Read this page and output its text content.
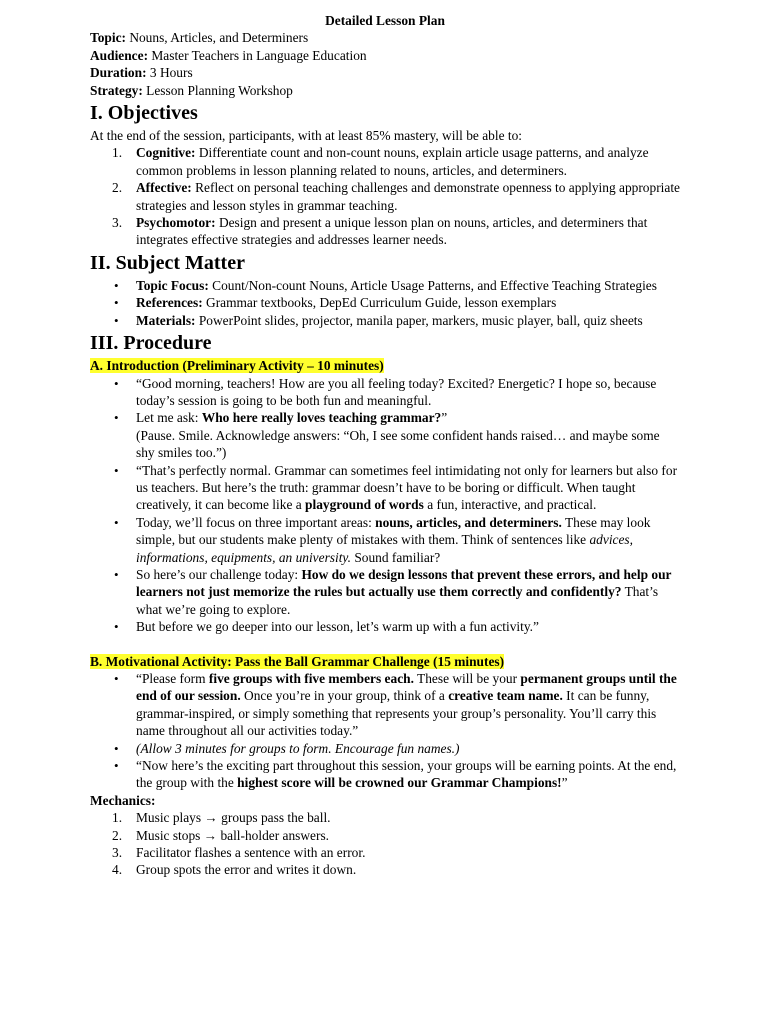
Detailed Lesson Plan

Topic: Nouns, Articles, and Determiners

Audience: Master Teachers in Language Education

Duration: 3 Hours

Strategy: Lesson Planning Workshop

I. Objectives

At the end of the session, participants, with at least 85% mastery, will be able to:

1. Cognitive: Differentiate count and non-count nouns, explain article usage patterns, and analyze common problems in lesson planning related to nouns, articles, and determiners.
2. Affective: Reflect on personal teaching challenges and demonstrate openness to applying appropriate strategies and lesson styles in grammar teaching.
3. Psychomotor: Design and present a unique lesson plan on nouns, articles, and determiners that integrates effective strategies and addresses learner needs.
II. Subject Matter
• Topic Focus: Count/Non-count Nouns, Article Usage Patterns, and Effective Teaching Strategies
• References: Grammar textbooks, DepEd Curriculum Guide, lesson exemplars
• Materials: PowerPoint slides, projector, manila paper, markers, music player, ball, quiz sheets
III. Procedure
A. Introduction (Preliminary Activity – 10 minutes)
• “Good morning, teachers! How are you all feeling today? Excited? Energetic? I hope so, because today’s session is going to be both fun and meaningful.
• Let me ask: Who here really loves teaching grammar?”
(Pause. Smile. Acknowledge answers: “Oh, I see some confident hands raised… and maybe some shy smiles too.”)
• “That’s perfectly normal. Grammar can sometimes feel intimidating not only for learners but also for us teachers. But here’s the truth: grammar doesn’t have to be boring or difficult. When taught creatively, it can become like a playground of words a fun, interactive, and practical.
• Today, we’ll focus on three important areas: nouns, articles, and determiners. These may look simple, but our students make plenty of mistakes with them. Think of sentences like advices, informations, equipments, an university. Sound familiar?
• So here’s our challenge today: How do we design lessons that prevent these errors, and help our learners not just memorize the rules but actually use them correctly and confidently? That’s what we’re going to explore.
• But before we go deeper into our lesson, let’s warm up with a fun activity.”
B. Motivational Activity: Pass the Ball Grammar Challenge (15 minutes)
• “Please form five groups with five members each. These will be your permanent groups until the end of our session. Once you’re in your group, think of a creative team name. It can be funny, grammar-inspired, or simply something that represents your group’s personality. You’ll carry this name throughout all our activities today.”
• (Allow 3 minutes for groups to form. Encourage fun names.)
• “Now here’s the exciting part throughout this session, your groups will be earning points. At the end, the group with the highest score will be crowned our Grammar Champions!”
Mechanics:
1. Music plays → groups pass the ball.
2. Music stops → ball-holder answers.
3. Facilitator flashes a sentence with an error.
4. Group spots the error and writes it down.
